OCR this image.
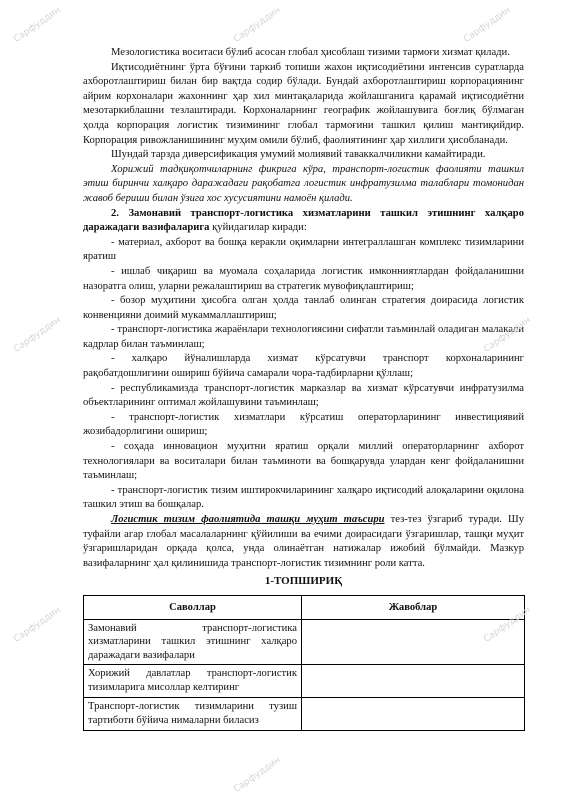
Мезологистика воситаси бўлиб асосан глобал ҳисоблаш тизими тармоғи хизмат қилади.

Иқтисодиётнинг ўрта бўғини таркиб топиши жахон иқтисодиётини интенсив суратларда ахборотлаштириш билан бир вақтда содир бўлади. Бундай ахборотлаштириш корпорациянинг айрим корхоналари жахоннинг ҳар хил минтақаларида жойлашганига қарамай иқтисодиётни мезотаркиблашни тезлаштиради. Корхоналарнинг географик жойлашувига боғлиқ бўлмаган ҳолда корпорация логистик тизимининг глобал тармоғини ташкил қилиш мантиқийдир. Корпорация ривожланишининг муҳим омили бўлиб, фаолиятининг ҳар хиллиги ҳисобланади.

Шундай тарзда диверсификация умумий молиявий таваккалчиликни камайтиради.

Хорижий тадқиқотчиларнинг фикрига кўра, транспорт-логистик фаолияти ташкил этиш биринчи халқаро даражадаги рақобатга логистик инфратузилма талаблари томонидан жавоб бериши билан ўзига хос хусусиятини намоён қилади.

2. Замонавий транспорт-логистика хизматларини ташкил этишнинг халқаро даражадаги вазифаларига қуйидагилар киради:

- материал, ахборот ва бошқа керакли оқимларни интеграллашган комплекс тизимларини яратиш

- ишлаб чиқариш ва муомала соҳаларида логистик имконниятлардан фойдаланишни назоратга олиш, уларни режалаштириш ва стратегик мувофиқлаштириш;

- бозор муҳитини ҳисобга олган ҳолда танлаб олинган стратегия доирасида логистик конвенцияни доимий мукаммаллаштириш;

- транспорт-логистика жараёнлари технологиясини сифатли таъминлай оладиган малакали кадрлар билан таъминлаш;

- халқаро йўналишларда хизмат кўрсатувчи транспорт корхоналарининг рақобатдошлигини ошириш бўйича самарали чора-тадбирларни қўллаш;

- республикамизда транспорт-логистик марказлар ва хизмат кўрсатувчи инфратузилма объектларининг оптимал жойлашувини таъминлаш;

- транспорт-логистик хизматлари кўрсатиш операторларининг инвестициявий жозибадорлигини ошириш;

- соҳада инновацион муҳитни яратиш орқали миллий операторларнинг ахборот технологиялари ва воситалари билан таъминоти ва бошқарувда улардан кенг фойдаланишни таъминлаш;

- транспорт-логистик тизим иштирокчиларининг халқаро иқтисодий алоқаларини оқилона ташкил этиш ва бошқалар.

Логистик тизим фаолиятида ташқи муҳит таъсири тез-тез ўзгариб туради. Шу туфайли агар глобал масалаларнинг қўйилиши ва ечими доирасидаги ўзгаришлар, ташқи муҳит ўзгаришларидан орқада қолса, унда олинаётган натижалар ижобий бўлмайди. Мазкур вазифаларнинг ҳал қилинишида транспорт-логистик тизимнинг роли катта.

1-ТОПШИРИҚ
Саволлар	Жавоблар
Замонавий транспорт-логистика хизматларини ташкил этишнинг халқаро даражадаги вазифалари	
Хорижий давлатлар транспорт-логистик тизимларига мисоллар келтиринг	
Транспорт-логистик тизимларини тузиш тартиботи бўйича нималарни биласиз	
Сарфуддин	Сарфуддин	Сарфуддин
Сарфуддин	Сарфуддин
Сарфуддин	Сарфуддин
Сарфуддин
